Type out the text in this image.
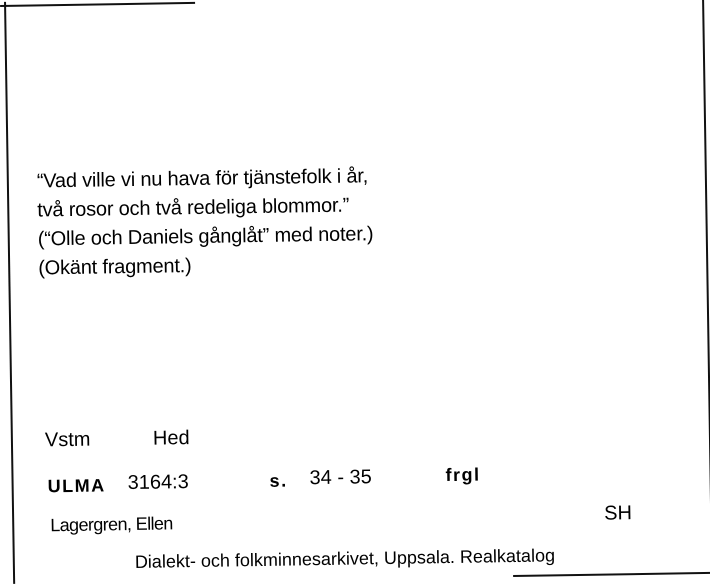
“Vad ville vi nu hava för tjänstefolk i år,
två rosor och två redeliga blommor.”
(“Olle och Daniels gånglåt” med noter.)
(Okänt fragment.)
Vstm	Hed
ULMA 3164:3	s. 34 - 35	frgl
Lagergren, Ellen	SH
Dialekt- och folkminnesarkivet, Uppsala. Realkatalog
